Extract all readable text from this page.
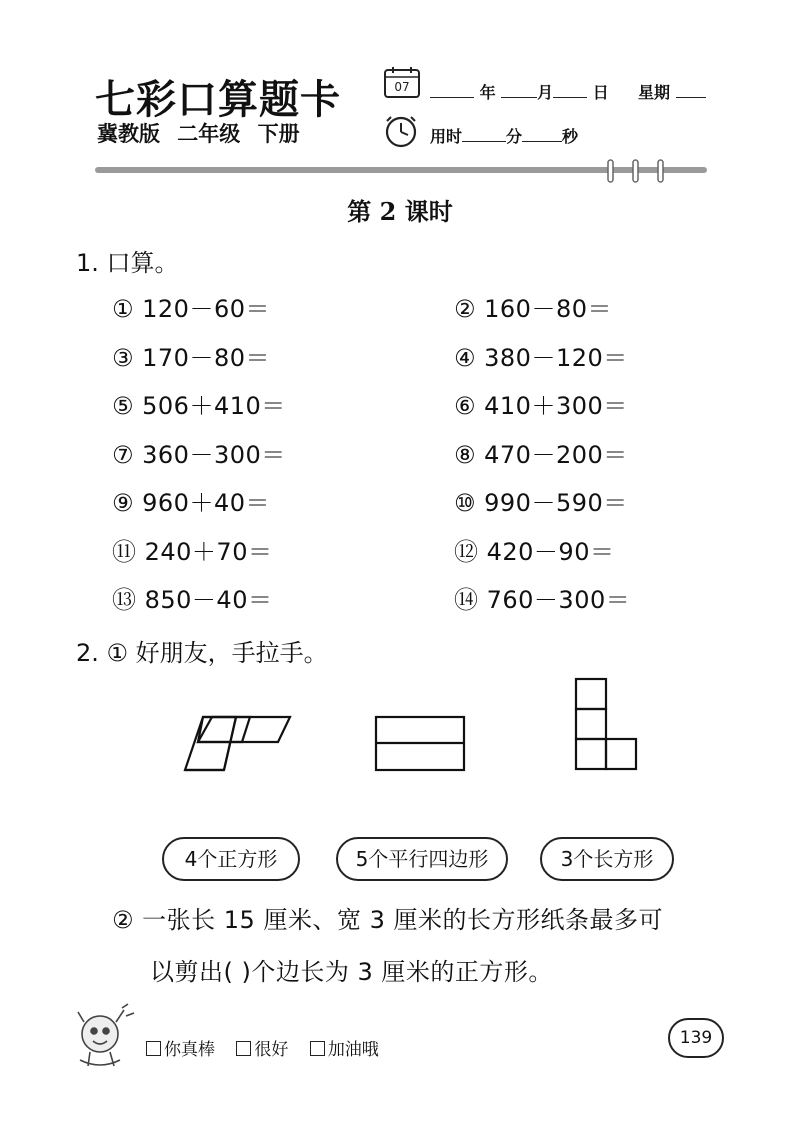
七彩口算题卡
冀教版 二年级 下册
07	年	月 日 星期
用时	分	秒
第 2 课时
1. 口算。
① 120－60＝	② 160－80＝
③ 170－80＝	④ 380－120＝
⑤ 506＋410＝	⑥ 410＋300＝
⑦ 360－300＝	⑧ 470－200＝
⑨ 960＋40＝	⑩ 990－590＝
⑪ 240＋70＝	⑫ 420－90＝
⑬ 850－40＝	⑭ 760－300＝
2. ① 好朋友，手拉手。
4个正方形	5个平行四边形	3个长方形
② 一张长 15 厘米、宽 3 厘米的长方形纸条最多可
以剪出( )个边长为 3 厘米的正方形。
你真棒 很好 加油哦
139
